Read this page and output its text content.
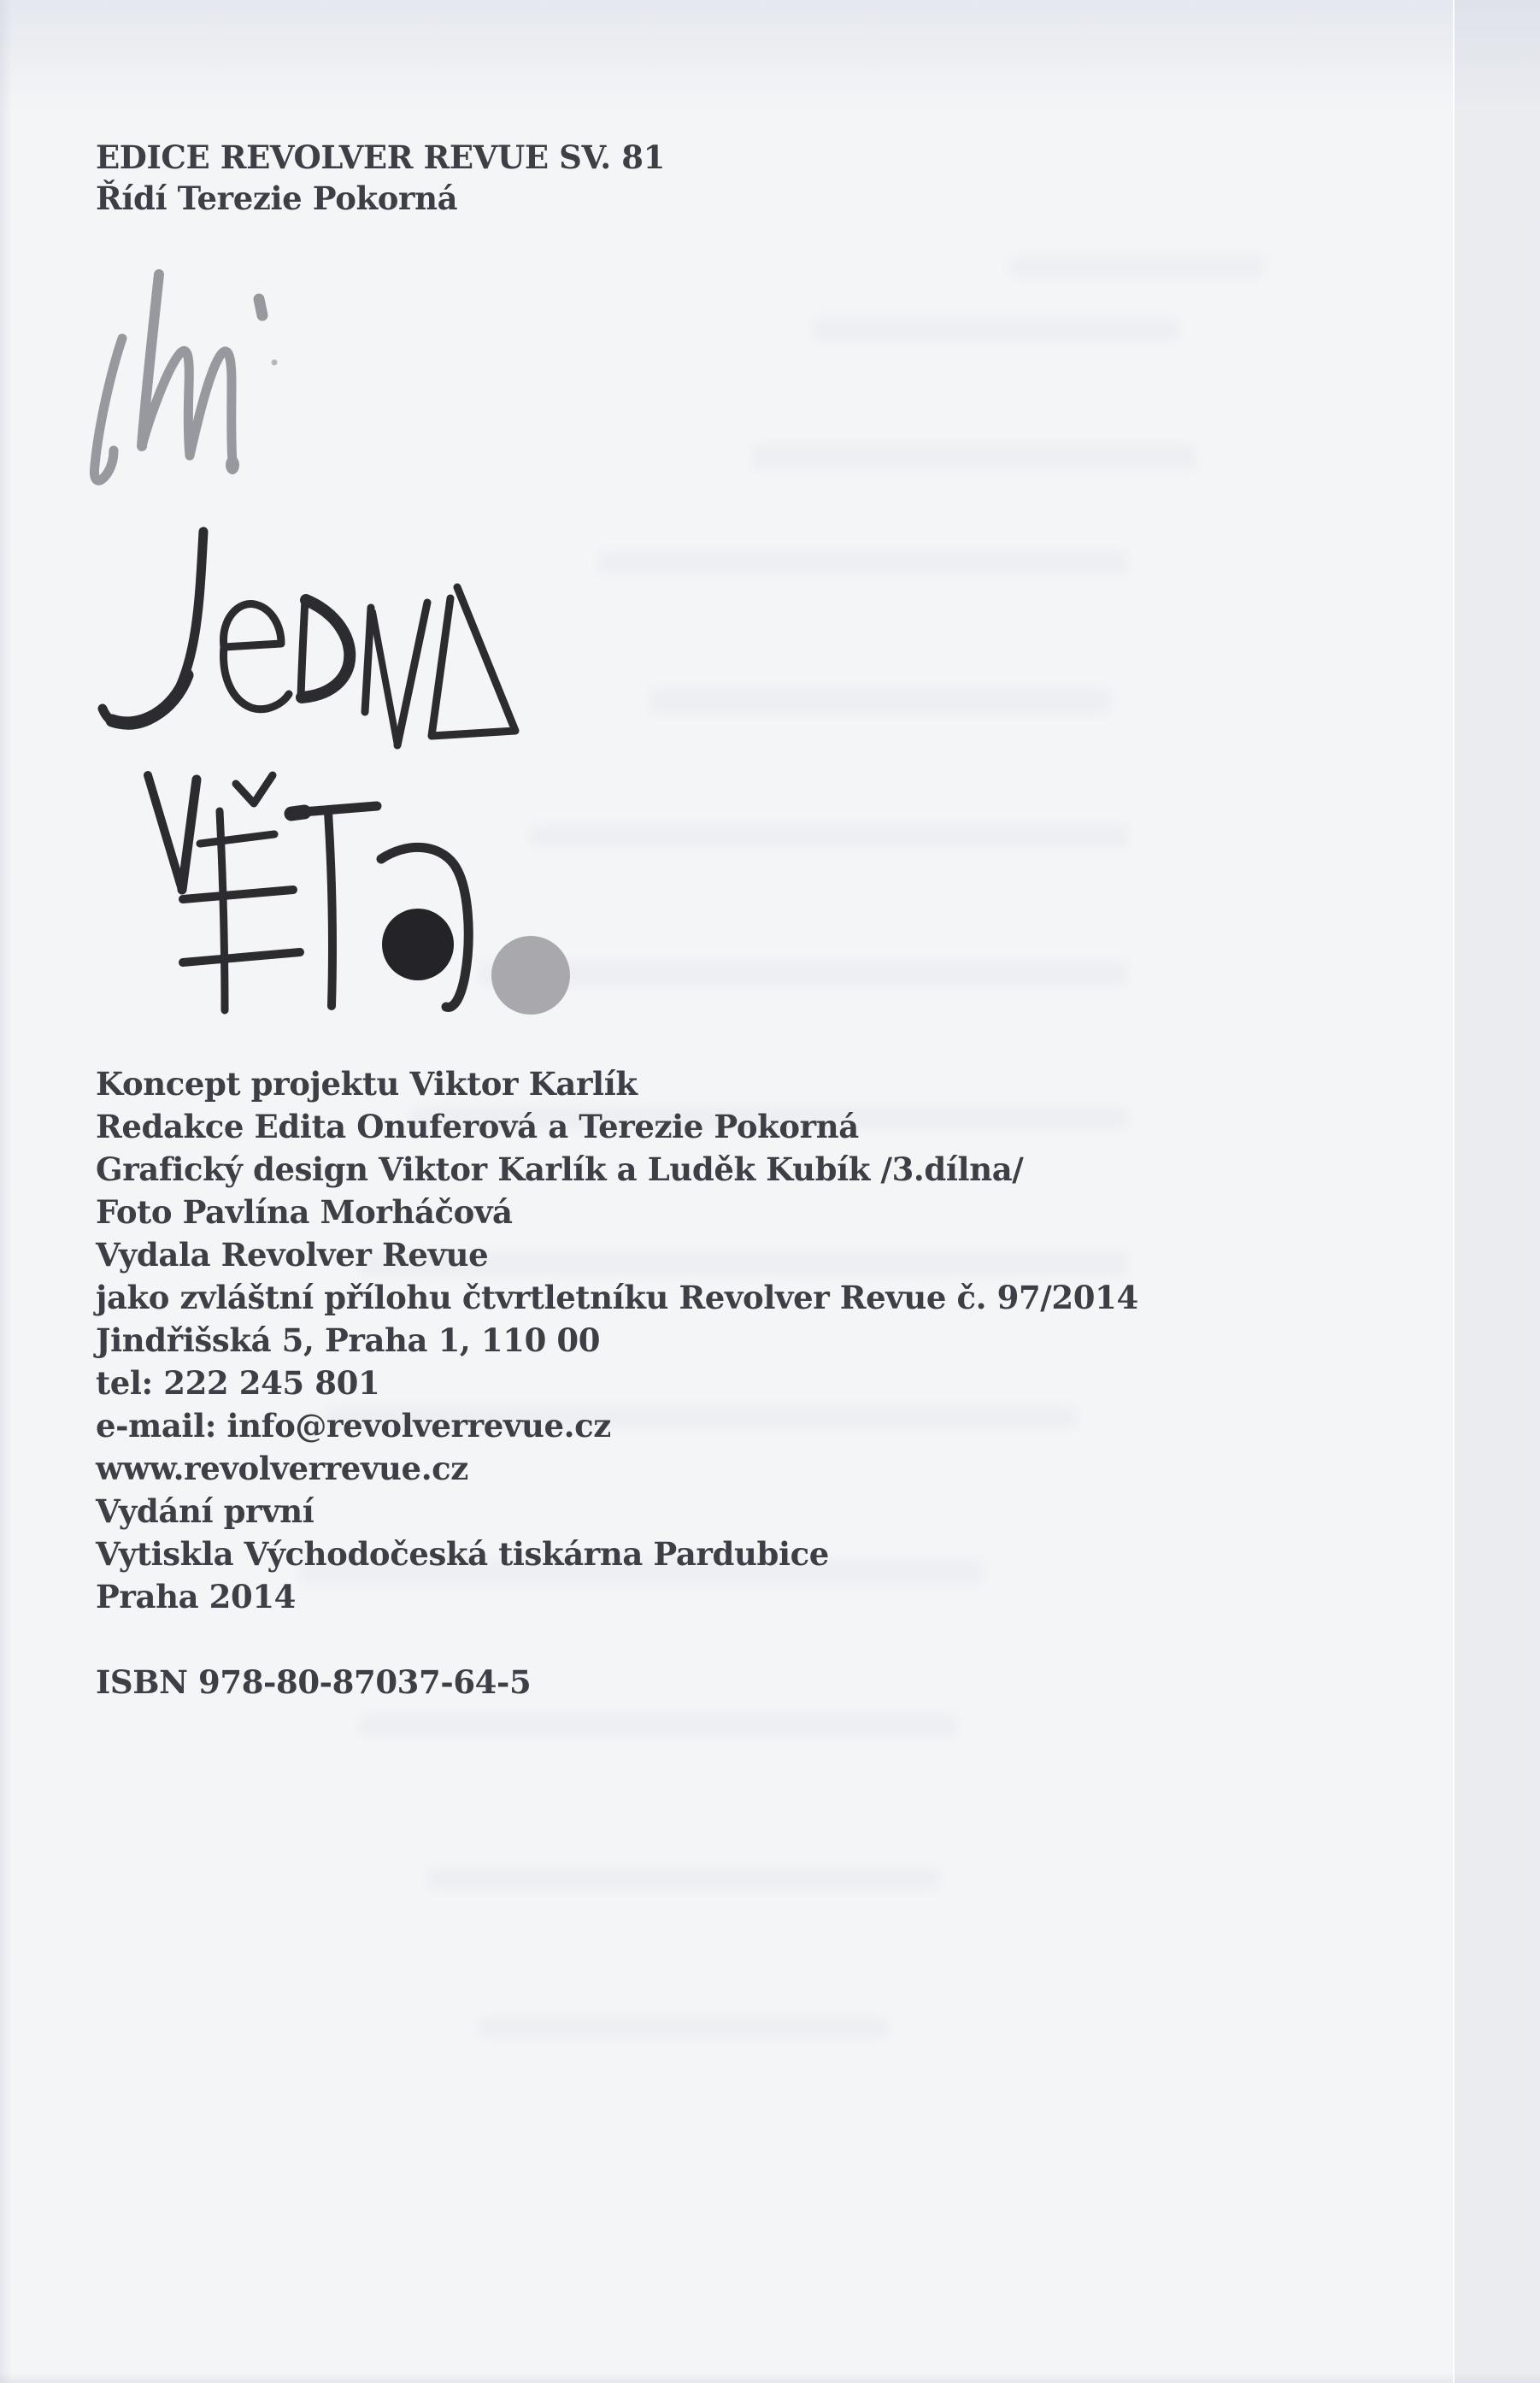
EDICE REVOLVER REVUE SV. 81
Řídí Terezie Pokorná
Koncept projektu Viktor Karlík
Redakce Edita Onuferová a Terezie Pokorná
Grafický design Viktor Karlík a Luděk Kubík /3.dílna/
Foto Pavlína Morháčová
Vydala Revolver Revue
jako zvláštní přílohu čtvrtletníku Revolver Revue č. 97/2014
Jindřišská 5, Praha 1, 110 00
tel: 222 245 801
e-mail: info@revolverrevue.cz
www.revolverrevue.cz
Vydání první
Vytiskla Východočeská tiskárna Pardubice
Praha 2014
ISBN 978-80-87037-64-5
